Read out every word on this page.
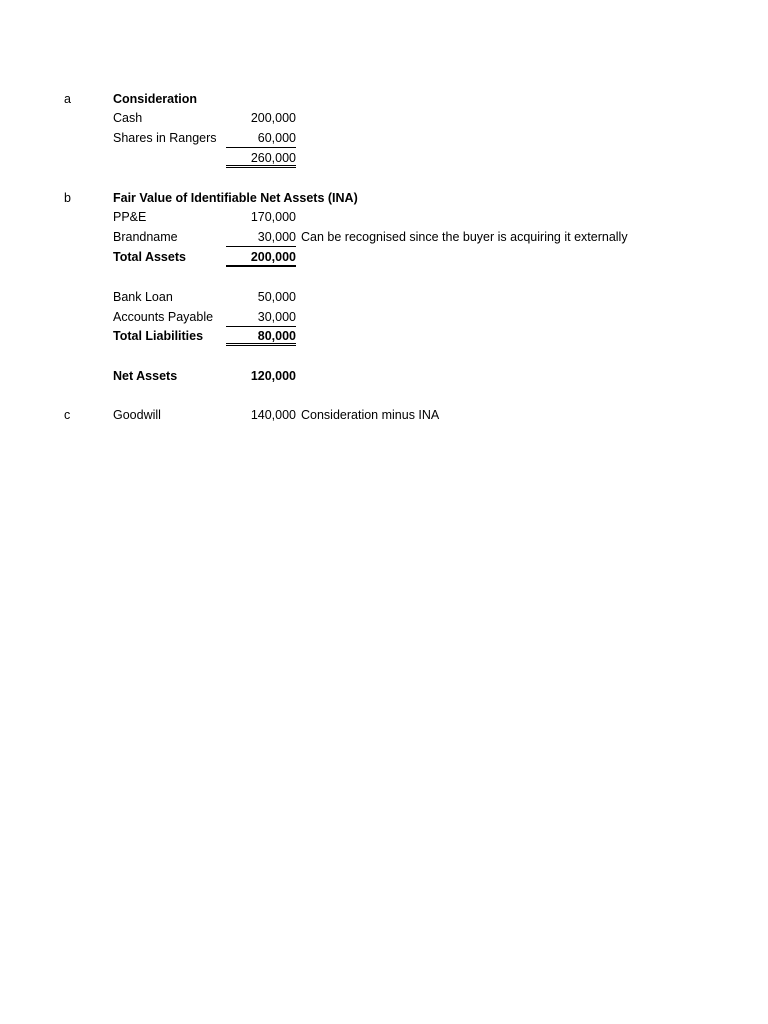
a	Consideration
Cash	200,000
Shares in Rangers	60,000
260,000
b	Fair Value of Identifiable Net Assets (INA)
PP&E	170,000
Brandname	30,000 Can be recognised since the buyer is acquiring it externally
Total Assets	200,000
Bank Loan	50,000
Accounts Payable	30,000
Total Liabilities	80,000
Net Assets	120,000
c	Goodwill	140,000 Consideration minus INA
